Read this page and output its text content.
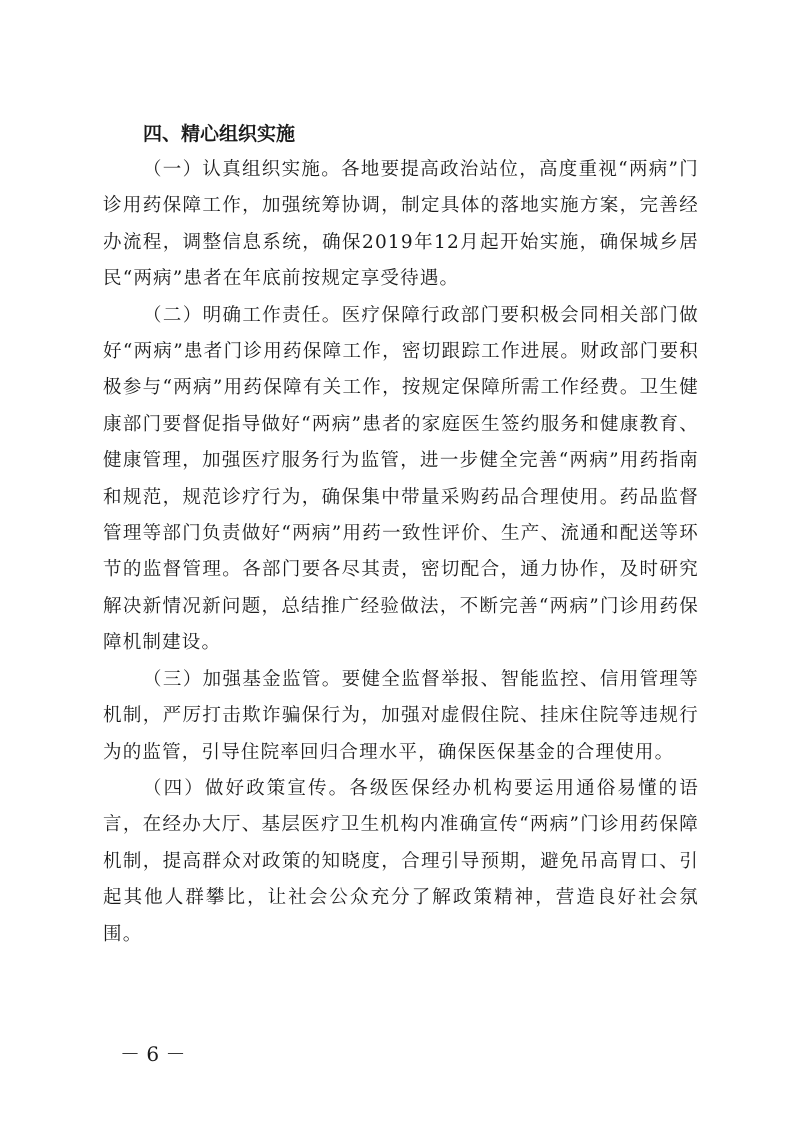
四、精心组织实施

（一）认真组织实施。各地要提高政治站位，高度重视“两病”门诊用药保障工作，加强统筹协调，制定具体的落地实施方案，完善经办流程，调整信息系统，确保2019年12月起开始实施，确保城乡居民“两病”患者在年底前按规定享受待遇。

（二）明确工作责任。医疗保障行政部门要积极会同相关部门做好“两病”患者门诊用药保障工作，密切跟踪工作进展。财政部门要积极参与“两病”用药保障有关工作，按规定保障所需工作经费。卫生健康部门要督促指导做好“两病”患者的家庭医生签约服务和健康教育、健康管理，加强医疗服务行为监管，进一步健全完善“两病”用药指南和规范，规范诊疗行为，确保集中带量采购药品合理使用。药品监督管理等部门负责做好“两病”用药一致性评价、生产、流通和配送等环节的监督管理。各部门要各尽其责，密切配合，通力协作，及时研究解决新情况新问题，总结推广经验做法，不断完善“两病”门诊用药保障机制建设。

（三）加强基金监管。要健全监督举报、智能监控、信用管理等机制，严厉打击欺诈骗保行为，加强对虚假住院、挂床住院等违规行为的监管，引导住院率回归合理水平，确保医保基金的合理使用。

（四）做好政策宣传。各级医保经办机构要运用通俗易懂的语言，在经办大厅、基层医疗卫生机构内准确宣传“两病”门诊用药保障机制，提高群众对政策的知晓度，合理引导预期，避免吊高胃口、引起其他人群攀比，让社会公众充分了解政策精神，营造良好社会氛围。

－ 6 －
